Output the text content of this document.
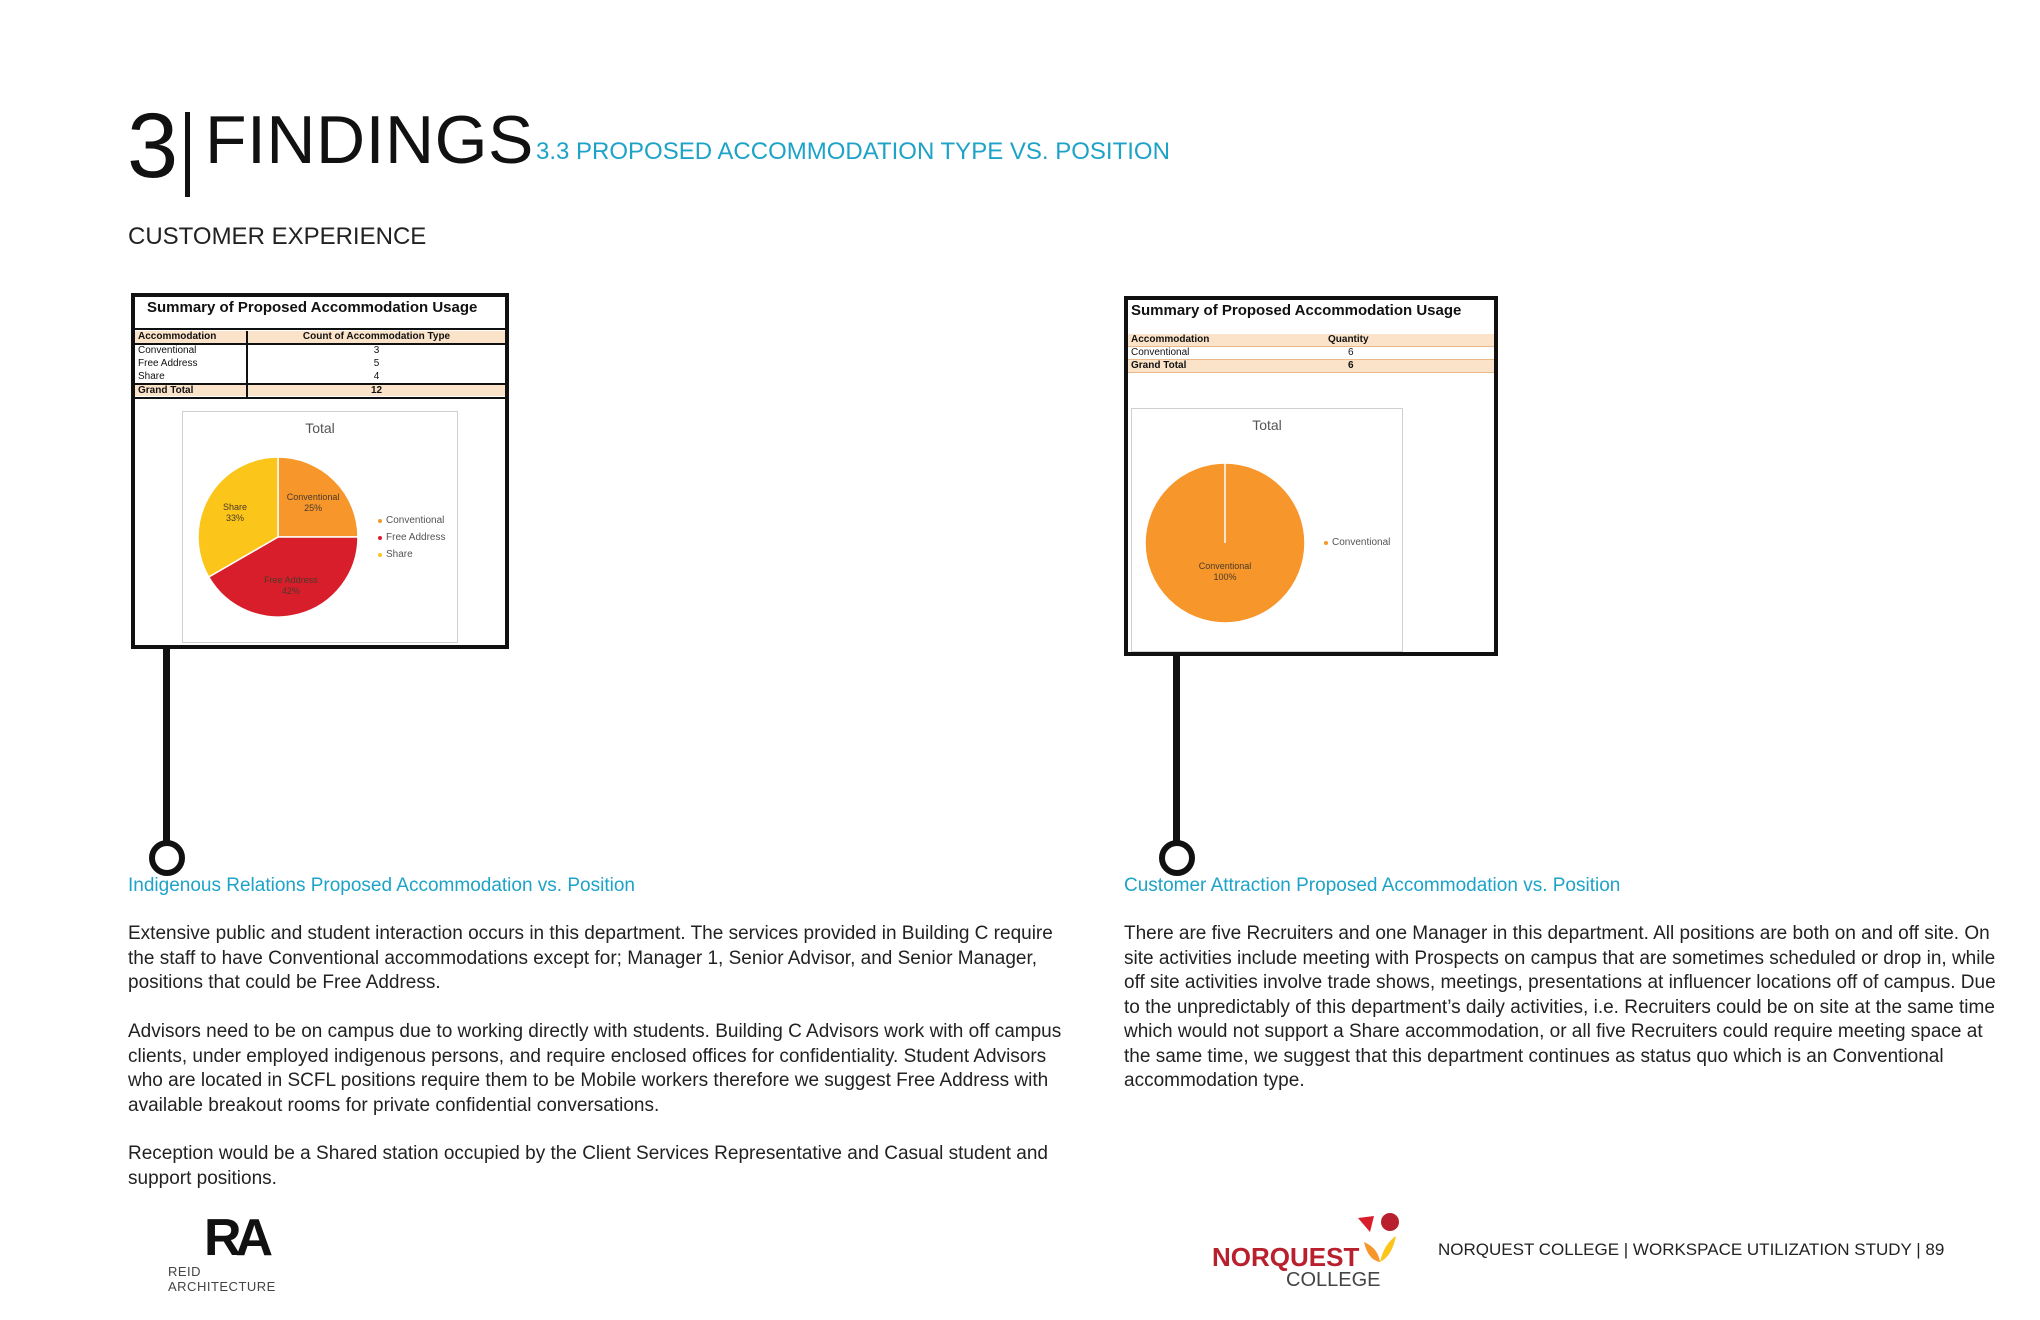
3 FINDINGS 3.3 PROPOSED ACCOMMODATION TYPE VS. POSITION
CUSTOMER EXPERIENCE
Summary of Proposed Accommodation Usage
Accommodation	Count of Accommodation Type
Conventional	3
Free Address	5
Share	4
Grand Total	12
Total
Conventional
25%
Free Address
42%
Share
33%	Conventional
Free Address
Share
Summary of Proposed Accommodation Usage
Accommodation	Quantity
Conventional	6
Grand Total	6
Total
Conventional
100%
Conventional
Indigenous Relations Proposed Accommodation vs. Position
Extensive public and student interaction occurs in this department. The services provided in Building C require the staff to have Conventional accommodations except for; Manager 1, Senior Advisor, and Senior Manager, positions that could be Free Address.
Advisors need to be on campus due to working directly with students. Building C Advisors work with off campus clients, under employed indigenous persons, and require enclosed offices for confidentiality. Student Advisors who are located in SCFL positions require them to be Mobile workers therefore we suggest Free Address with available breakout rooms for private confidential conversations.
Reception would be a Shared station occupied by the Client Services Representative and Casual student and support positions.
Customer Attraction Proposed Accommodation vs. Position
There are five Recruiters and one Manager in this department. All positions are both on and off site. On site activities include meeting with Prospects on campus that are sometimes scheduled or drop in, while off site activities involve trade shows, meetings, presentations at influencer locations off of campus. Due to the unpredictably of this department’s daily activities, i.e. Recruiters could be on site at the same time which would not support a Share accommodation, or all five Recruiters could require meeting space at the same time, we suggest that this department continues as status quo which is an Conventional accommodation type.
RA
REID ARCHITECTURE
NORQUEST
COLLEGE
NORQUEST COLLEGE | WORKSPACE UTILIZATION STUDY | 89
